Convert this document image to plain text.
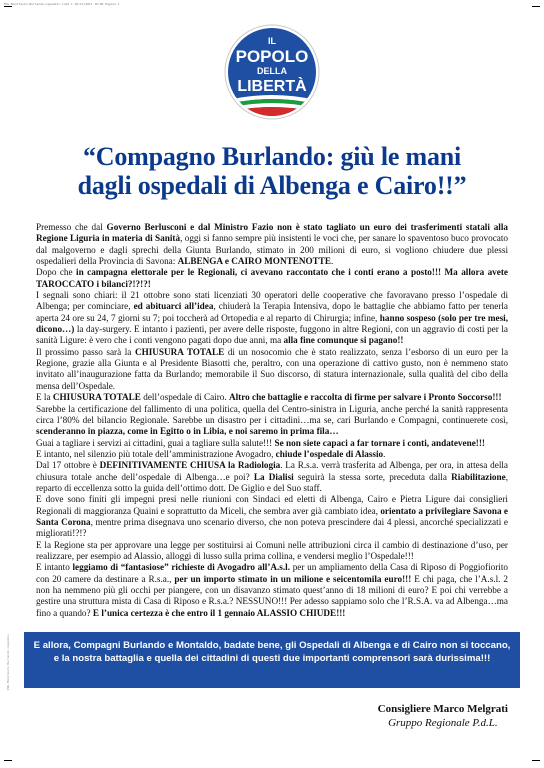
PDL-Manifesto-Burlando-ospedali.indd 1 10/11/2011 16:00 Pagina 1
PDL Manifesto Burlando ospedali
IL
POPOLO
DELLA
LIBERTÀ
“Compagno Burlando: giù le mani
dagli ospedali di Albenga e Cairo!!”

Premesso che dal Governo Berlusconi e dal Ministro Fazio non è stato tagliato un euro dei trasferimenti statali alla Regione Liguria in materia di Sanità, oggi si fanno sempre più insistenti le voci che, per sanare lo spaventoso buco provocato dal malgoverno e dagli sprechi della Giunta Burlando, stimato in 200 milioni di euro, si vogliono chiudere due plessi ospedalieri della Provincia di Savona: ALBENGA e CAIRO MONTENOTTE.

Dopo che in campagna elettorale per le Regionali, ci avevano raccontato che i conti erano a posto!!! Ma allora avete TAROCCATO i bilanci?!?!?!

I segnali sono chiari: il 21 ottobre sono stati licenziati 30 operatori delle cooperative che favoravano presso l’ospedale di Albenga; per cominciare, ed abituarci all’idea, chiuderà la Terapia Intensiva, dopo le battaglie che abbiamo fatto per tenerla aperta 24 ore su 24, 7 giorni su 7; poi toccherà ad Ortopedia e al reparto di Chirurgia; infine, hanno sospeso (solo per tre mesi, dicono…) la day-surgery. E intanto i pazienti, per avere delle risposte, fuggono in altre Regioni, con un aggravio di costi per la sanità Ligure: è vero che i conti vengono pagati dopo due anni, ma alla fine comunque si pagano!!

Il prossimo passo sarà la CHIUSURA TOTALE di un nosocomio che è stato realizzato, senza l’esborso di un euro per la Regione, grazie alla Giunta e al Presidente Biasotti che, peraltro, con una operazione di cattivo gusto, non è nemmeno stato invitato all’inaugurazione fatta da Burlando; memorabile il Suo discorso, di statura internazionale, sulla qualità del cibo della mensa dell’Ospedale.

E la CHIUSURA TOTALE dell’ospedale di Cairo. Altro che battaglie e raccolta di firme per salvare i Pronto Soccorso!!!

Sarebbe la certificazione del fallimento di una politica, quella del Centro-sinistra in Liguria, anche perché la sanità rappresenta circa l’80% del bilancio Regionale. Sarebbe un disastro per i cittadini…ma se, cari Burlando e Compagni, continuerete così, scenderanno in piazza, come in Egitto o in Libia, e noi saremo in prima fila…

Guai a tagliare i servizi ai cittadini, guai a tagliare sulla salute!!! Se non siete capaci a far tornare i conti, andatevene!!!

E intanto, nel silenzio più totale dell’amministrazione Avogadro, chiude l’ospedale di Alassio.

Dal 17 ottobre è DEFINITIVAMENTE CHIUSA la Radiologia. La R.s.a. verrà trasferita ad Albenga, per ora, in attesa della chiusura totale anche dell’ospedale di Albenga…e poi? La Dialisi seguirà la stessa sorte, preceduta dalla Riabilitazione, reparto di eccellenza sotto la guida dell’ottimo dott. De Giglio e del Suo staff.

E dove sono finiti gli impegni presi nelle riunioni con Sindaci ed eletti di Albenga, Cairo e Pietra Ligure dai consiglieri Regionali di maggioranza Quaini e soprattutto da Miceli, che sembra aver già cambiato idea, orientato a privilegiare Savona e Santa Corona, mentre prima disegnava uno scenario diverso, che non poteva prescindere dai 4 plessi, ancorché specializzati e migliorati!?!?

E la Regione sta per approvare una legge per sostituirsi ai Comuni nelle attribuzioni circa il cambio di destinazione d’uso, per realizzare, per esempio ad Alassio, alloggi di lusso sulla prima collina, e vendersi meglio l’Ospedale!!!

E intanto leggiamo di “fantasiose” richieste di Avogadro all’A.s.l. per un ampliamento della Casa di Riposo di Poggiofiorito con 20 camere da destinare a R.s.a., per un importo stimato in un milione e seicentomila euro!!! E chi paga, che l’A.s.l. 2 non ha nemmeno più gli occhi per piangere, con un disavanzo stimato quest’anno di 18 milioni di euro? E poi chi verrebbe a gestire una struttura mista di Casa di Riposo e R.s.a.? NESSUNO!!! Per adesso sappiamo solo che l’R.S.A. va ad Albenga…ma fino a quando? E l’unica certezza è che entro il 1 gennaio ALASSIO CHIUDE!!!

E allora, Compagni Burlando e Montaldo, badate bene, gli Ospedali di Albenga e di Cairo non si toccano,
e la nostra battaglia e quella dei cittadini di questi due importanti comprensori sarà durissima!!!
Consigliere Marco Melgrati
Gruppo Regionale P.d.L.
